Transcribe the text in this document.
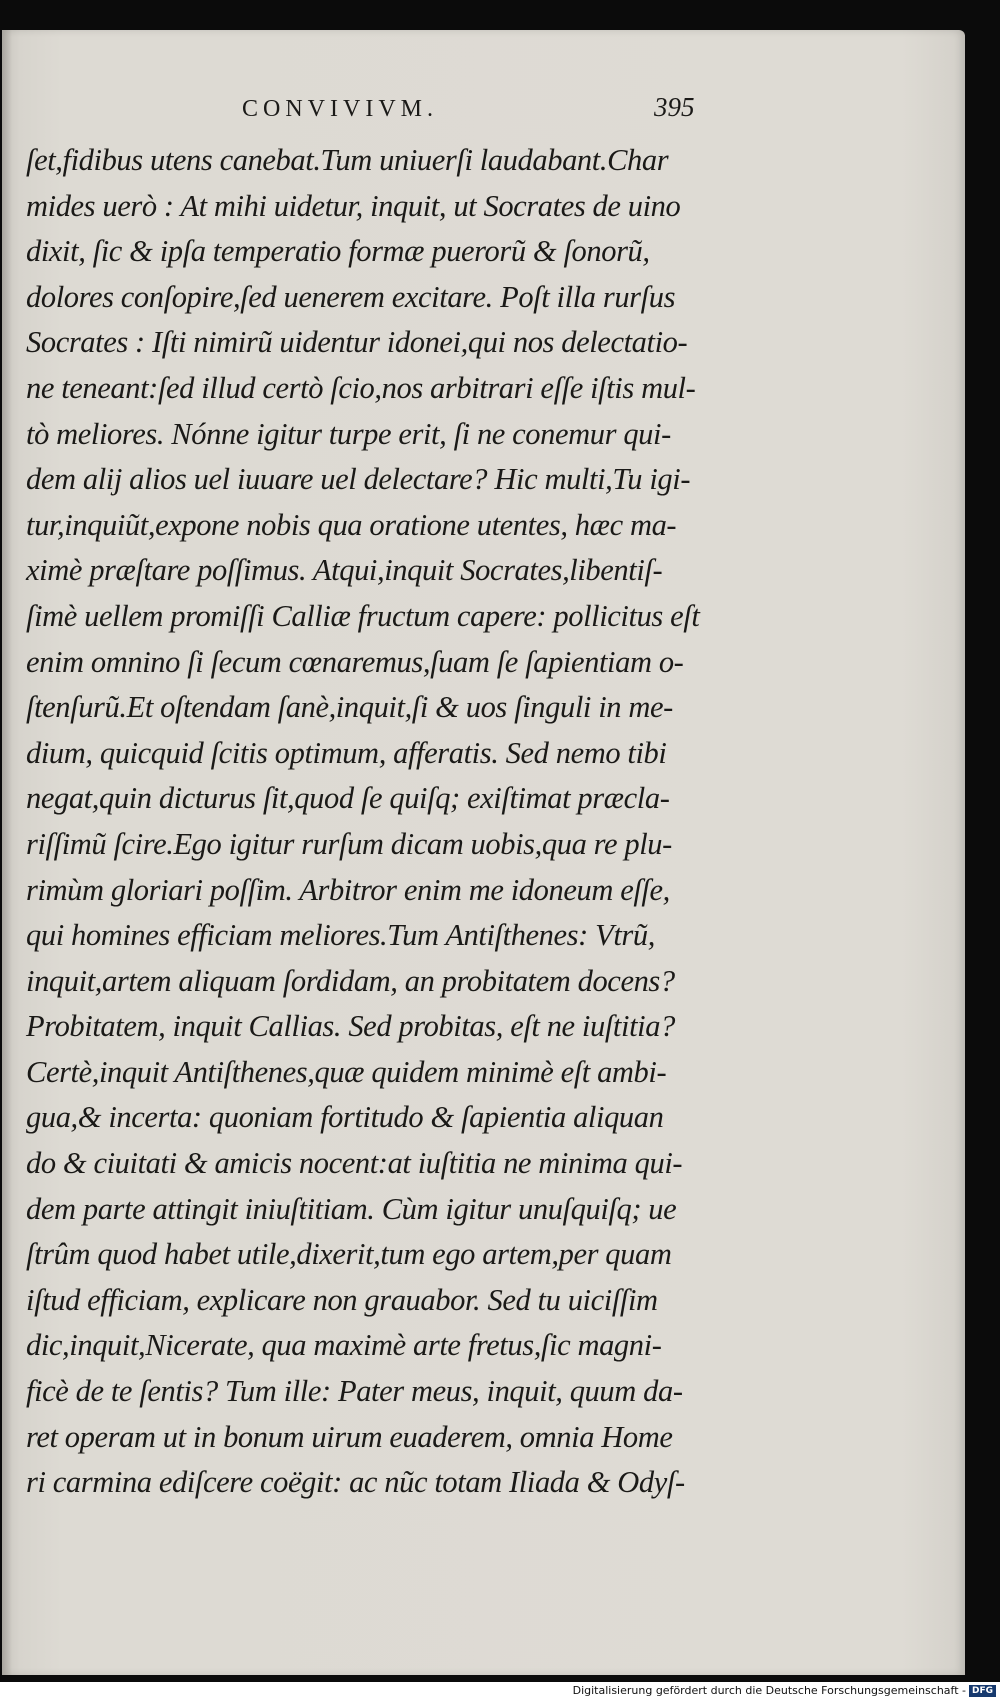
CONVIVIVM.	395
ſet,fidibus utens canebat.Tum uniuerſi laudabant.Char
mides uerò : At mihi uidetur, inquit, ut Socrates de uino
dixit, ſic & ipſa temperatio formæ puerorũ & ſonorũ,
dolores conſopire,ſed uenerem excitare. Poſt illa rurſus
Socrates : Iſti nimirũ uidentur idonei,qui nos delectatio-
ne teneant:ſed illud certò ſcio,nos arbitrari eſſe iſtis mul-
tò meliores. Nónne igitur turpe erit, ſi ne conemur qui-
dem alij alios uel iuuare uel delectare? Hic multi,Tu igi-
tur,inquiũt,expone nobis qua oratione utentes, hæc ma-
ximè præſtare poſſimus. Atqui,inquit Socrates,libentiſ-
ſimè uellem promiſſi Calliæ fructum capere: pollicitus eſt
enim omnino ſi ſecum cœnaremus,ſuam ſe ſapientiam o-
ſtenſurũ.Et oſtendam ſanè,inquit,ſi & uos ſinguli in me-
dium, quicquid ſcitis optimum, afferatis. Sed nemo tibi
negat,quin dicturus ſit,quod ſe quiſq; exiſtimat præcla-
riſſimũ ſcire.Ego igitur rurſum dicam uobis,qua re plu-
rimùm gloriari poſſim. Arbitror enim me idoneum eſſe,
qui homines efficiam meliores.Tum Antiſthenes: Vtrũ,
inquit,artem aliquam ſordidam, an probitatem docens?
Probitatem, inquit Callias. Sed probitas, eſt ne iuſtitia?
Certè,inquit Antiſthenes,quæ quidem minimè eſt ambi-
gua,& incerta: quoniam fortitudo & ſapientia aliquan
do & ciuitati & amicis nocent:at iuſtitia ne minima qui-
dem parte attingit iniuſtitiam. Cùm igitur unuſquiſq; ue
ſtrûm quod habet utile,dixerit,tum ego artem,per quam
iſtud efficiam, explicare non grauabor. Sed tu uiciſſim
dic,inquit,Nicerate, qua maximè arte fretus,ſic magni-
ficè de te ſentis? Tum ille: Pater meus, inquit, quum da-
ret operam ut in bonum uirum euaderem, omnia Home
ri carmina ediſcere coëgit: ac nũc totam Iliada & Odyſ-
Digitalisierung gefördert durch die Deutsche Forschungsgemeinschaft - DFG
